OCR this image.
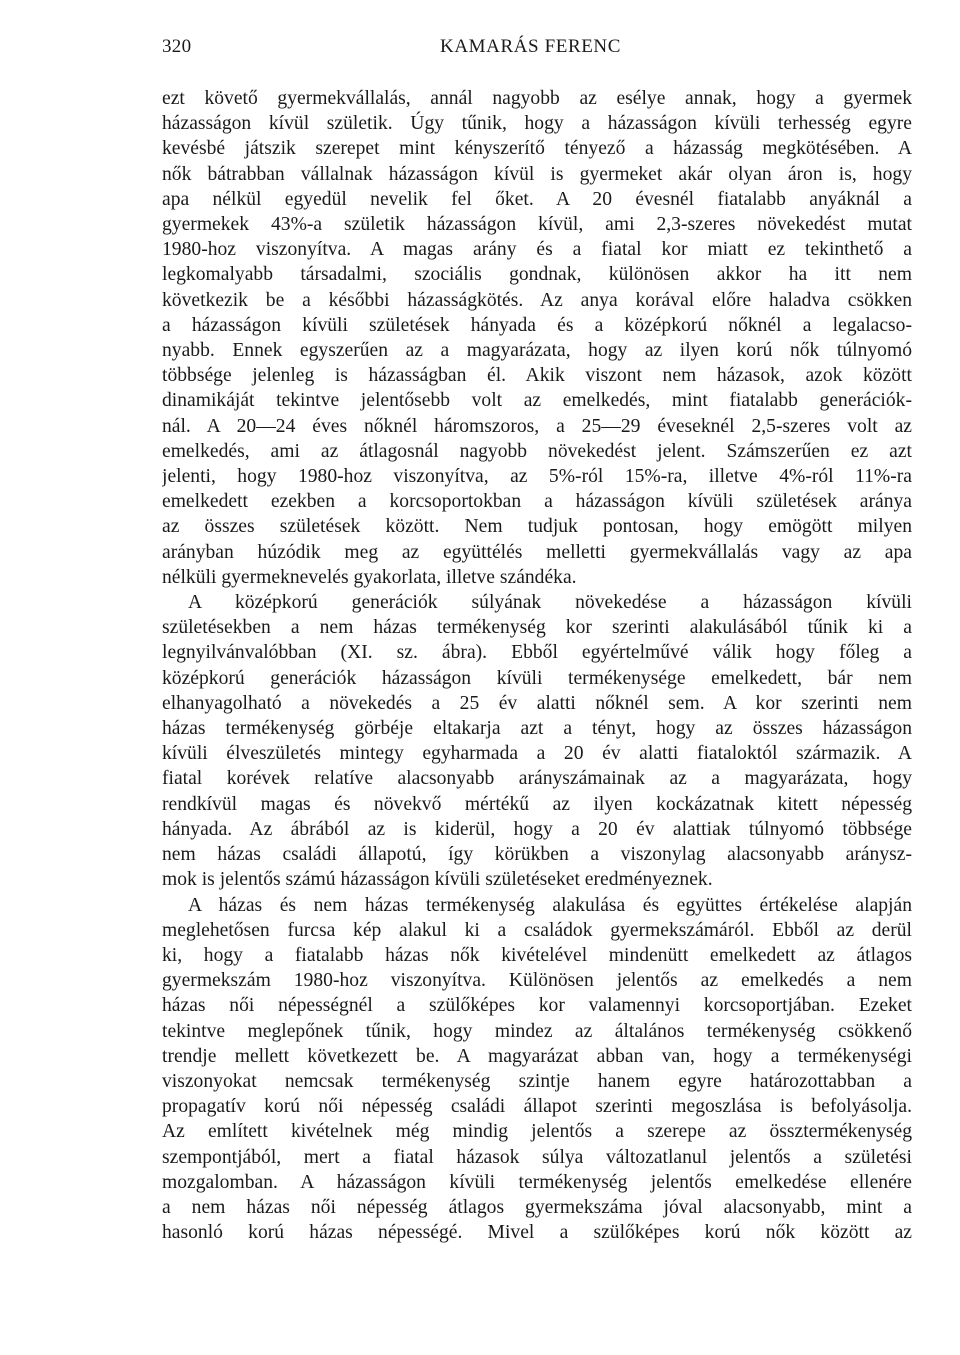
320	KAMARÁS FERENC
ezt követő gyermekvállalás, annál nagyobb az esélye annak, hogy a gyermek
házasságon kívül születik. Úgy tűnik, hogy a házasságon kívüli terhesség egyre
kevésbé játszik szerepet mint kényszerítő tényező a házasság megkötésében. A
nők bátrabban vállalnak házasságon kívül is gyermeket akár olyan áron is, hogy
apa nélkül egyedül nevelik fel őket. A 20 évesnél fiatalabb anyáknál a
gyermekek 43%-a születik házasságon kívül, ami 2,3-szeres növekedést mutat
1980-hoz viszonyítva. A magas arány és a fiatal kor miatt ez tekinthető a
legkomalyabb társadalmi, szociális gondnak, különösen akkor ha itt nem
következik be a későbbi házasságkötés. Az anya korával előre haladva csökken
a házasságon kívüli születések hányada és a középkorú nőknél a legalacso-
nyabb. Ennek egyszerűen az a magyarázata, hogy az ilyen korú nők túlnyomó
többsége jelenleg is házasságban él. Akik viszont nem házasok, azok között
dinamikáját tekintve jelentősebb volt az emelkedés, mint fiatalabb generációk-
nál. A 20—24 éves nőknél háromszoros, a 25—29 éveseknél 2,5-szeres volt az
emelkedés, ami az átlagosnál nagyobb növekedést jelent. Számszerűen ez azt
jelenti, hogy 1980-hoz viszonyítva, az 5%-ról 15%-ra, illetve 4%-ról 11%-ra
emelkedett ezekben a korcsoportokban a házasságon kívüli születések aránya
az összes születések között. Nem tudjuk pontosan, hogy emögött milyen
arányban húzódik meg az együttélés melletti gyermekvállalás vagy az apa
nélküli gyermeknevelés gyakorlata, illetve szándéka.
A középkorú generációk súlyának növekedése a házasságon kívüli
születésekben a nem házas termékenység kor szerinti alakulásából tűnik ki a
legnyilvánvalóbban (XI. sz. ábra). Ebből egyértelművé válik hogy főleg a
középkorú generációk házasságon kívüli termékenysége emelkedett, bár nem
elhanyagolható a növekedés a 25 év alatti nőknél sem. A kor szerinti nem
házas termékenység görbéje eltakarja azt a tényt, hogy az összes házasságon
kívüli élveszületés mintegy egyharmada a 20 év alatti fiataloktól származik. A
fiatal korévek relatíve alacsonyabb arányszámainak az a magyarázata, hogy
rendkívül magas és növekvő mértékű az ilyen kockázatnak kitett népesség
hányada. Az ábrából az is kiderül, hogy a 20 év alattiak túlnyomó többsége
nem házas családi állapotú, így körükben a viszonylag alacsonyabb aránysz-
mok is jelentős számú házasságon kívüli születéseket eredményeznek.
A házas és nem házas termékenység alakulása és együttes értékelése alapján
meglehetősen furcsa kép alakul ki a családok gyermekszámáról. Ebből az derül
ki, hogy a fiatalabb házas nők kivételével mindenütt emelkedett az átlagos
gyermekszám 1980-hoz viszonyítva. Különösen jelentős az emelkedés a nem
házas női népességnél a szülőképes kor valamennyi korcsoportjában. Ezeket
tekintve meglepőnek tűnik, hogy mindez az általános termékenység csökkenő
trendje mellett következett be. A magyarázat abban van, hogy a termékenységi
viszonyokat nemcsak termékenység szintje hanem egyre határozottabban a
propagatív korú női népesség családi állapot szerinti megoszlása is befolyásolja.
Az említett kivételnek még mindig jelentős a szerepe az össztermékenység
szempontjából, mert a fiatal házasok súlya változatlanul jelentős a születési
mozgalomban. A házasságon kívüli termékenység jelentős emelkedése ellenére
a nem házas női népesség átlagos gyermekszáma jóval alacsonyabb, mint a
hasonló korú házas népességé. Mivel a szülőképes korú nők között az
